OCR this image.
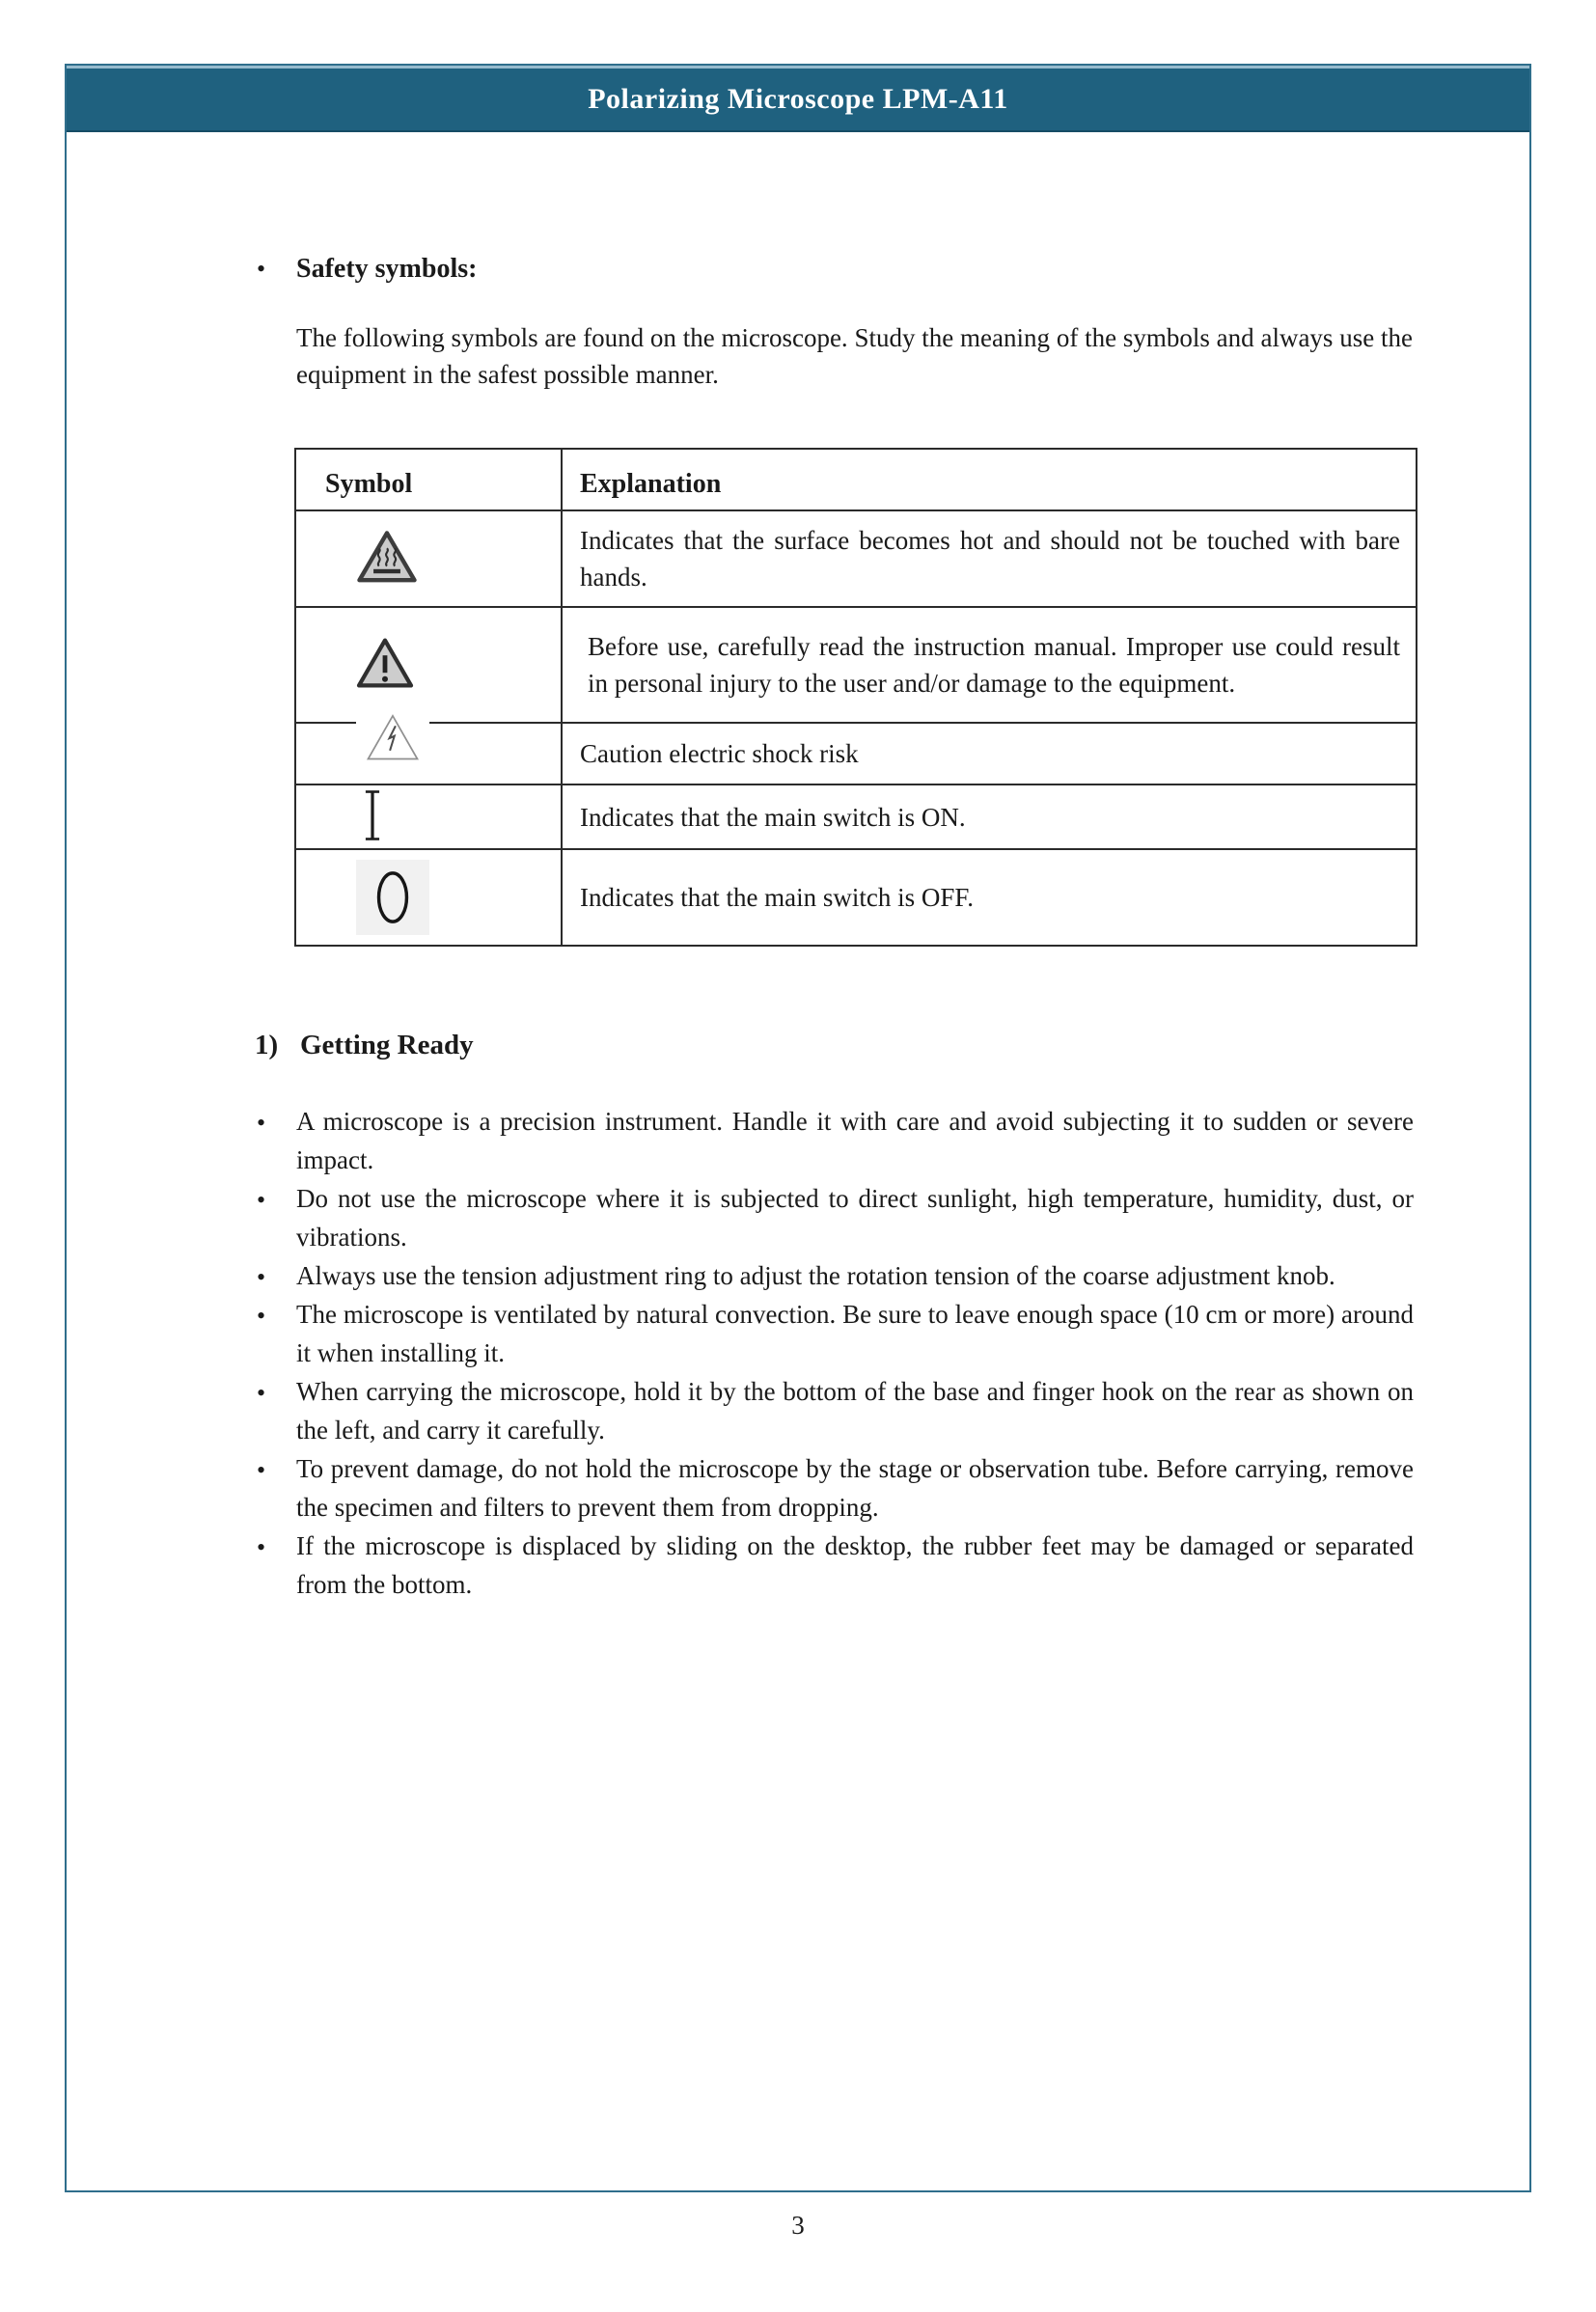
Polarizing Microscope LPM-A11
• Safety symbols:

The following symbols are found on the microscope. Study the meaning of the symbols and always use the equipment in the safest possible manner.

Symbol	Explanation
	Indicates that the surface becomes hot and should not be touched with bare hands.
	Before use, carefully read the instruction manual. Improper use could result in personal injury to the user and/or damage to the equipment.
	Caution electric shock risk
	Indicates that the main switch is ON.
	Indicates that the main switch is OFF.
1) Getting Ready
• A microscope is a precision instrument. Handle it with care and avoid subjecting it to sudden or severe impact.
• Do not use the microscope where it is subjected to direct sunlight, high temperature, humidity, dust, or vibrations.
• Always use the tension adjustment ring to adjust the rotation tension of the coarse adjustment knob.
• The microscope is ventilated by natural convection. Be sure to leave enough space (10 cm or more) around it when installing it.
• When carrying the microscope, hold it by the bottom of the base and finger hook on the rear as shown on the left, and carry it carefully.
• To prevent damage, do not hold the microscope by the stage or observation tube. Before carrying, remove the specimen and filters to prevent them from dropping.
• If the microscope is displaced by sliding on the desktop, the rubber feet may be damaged or separated from the bottom.
3
